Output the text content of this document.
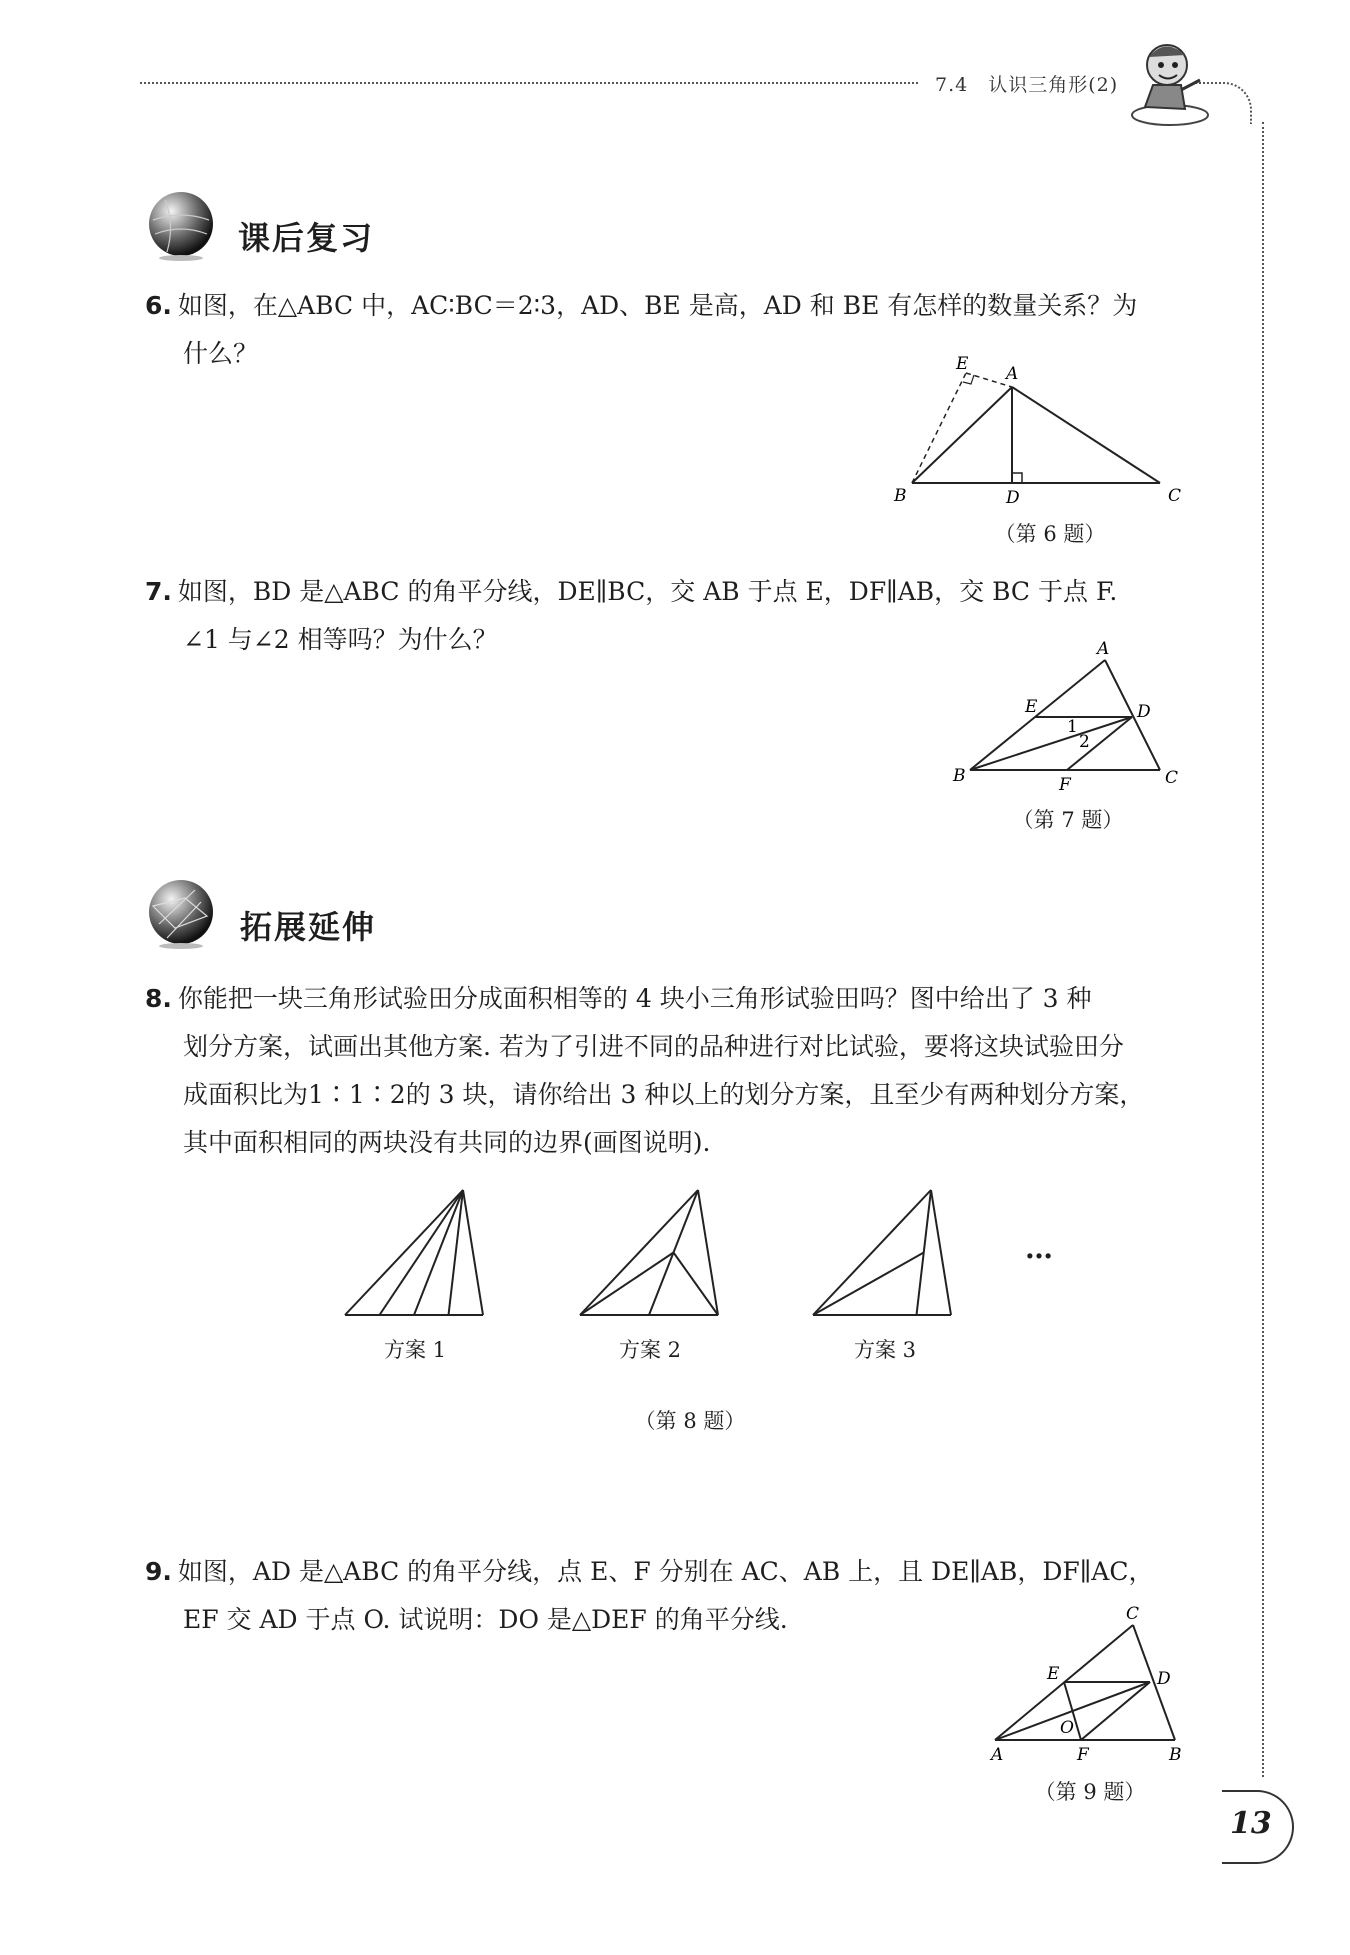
7.4　认识三角形(2)
课后复习

6. 如图，在△ABC 中，AC∶BC＝2∶3，AD、BE 是高，AD 和 BE 有怎样的数量关系？为

什么？	E A
B	D	C
（第 6 题）

7. 如图，BD 是△ABC 的角平分线，DE∥BC，交 AB 于点 E，DF∥AB，交 BC 于点 F.

∠1 与∠2 相等吗？为什么？	A
E	D
B	F	C
1
2
（第 7 题）
拓展延伸

8. 你能把一块三角形试验田分成面积相等的 4 块小三角形试验田吗？图中给出了 3 种

划分方案，试画出其他方案. 若为了引进不同的品种进行对比试验，要将这块试验田分

成面积比为1∶1∶2的 3 块，请你给出 3 种以上的划分方案，且至少有两种划分方案，

其中面积相同的两块没有共同的边界(画图说明).

方案 1	方案 2	方案 3
…
（第 8 题）

9. 如图，AD 是△ABC 的角平分线，点 E、F 分别在 AC、AB 上，且 DE∥AB，DF∥AC，

EF 交 AD 于点 O. 试说明：DO 是△DEF 的角平分线.	C
E	D
O
A	F	B
（第 9 题）
13
